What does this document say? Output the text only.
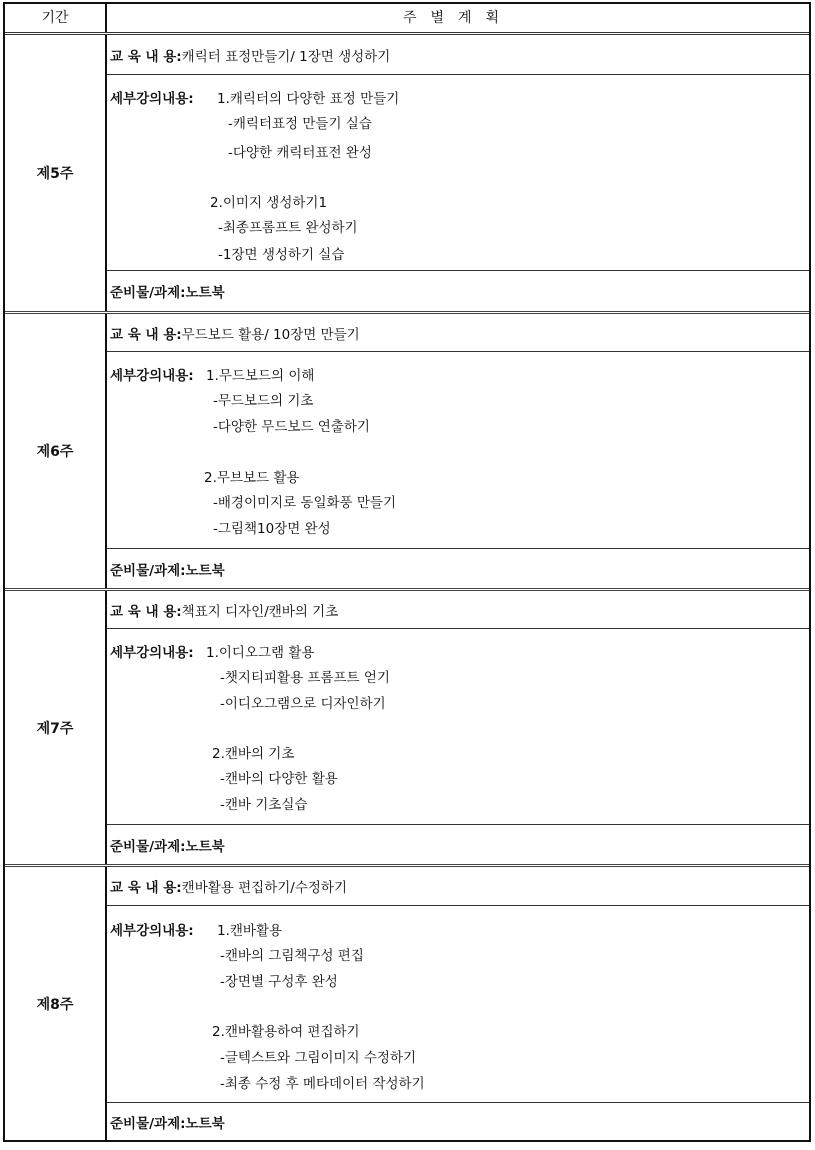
기간	주별계획
제5주
교 육 내 용: 캐릭터 표정만들기/ 1장면 생성하기
세부강의내용: 1.캐릭터의 다양한 표정 만들기
-캐릭터표정 만들기 실습
-다양한 캐릭터표전 완성
2.이미지 생성하기1
-최종프롬프트 완성하기
-1장면 생성하기 실습
준비물/과제: 노트북
제6주
교 육 내 용: 무드보드 활용/ 10장면 만들기
세부강의내용: 1.무드보드의 이해
-무드보드의 기초
-다양한 무드보드 연출하기
2.무브보드 활용
-배경이미지로 동일화풍 만들기
-그림책10장면 완성
준비물/과제: 노트북
제7주
교 육 내 용: 책표지 디자인/캔바의 기초
세부강의내용: 1.이디오그램 활용
-챗지티피활용 프롬프트 얻기
-이디오그램으로 디자인하기
2.캔바의 기초
-캔바의 다양한 활용
-캔바 기초실습
준비물/과제: 노트북
제8주
교 육 내 용: 캔바활용 편집하기/수정하기
세부강의내용: 1.캔바활용
-캔바의 그림책구성 편집
-장면별 구성후 완성
2.캔바활용하여 편집하기
-글텍스트와 그림이미지 수정하기
-최종 수정 후 메타데이터 작성하기
준비물/과제: 노트북
